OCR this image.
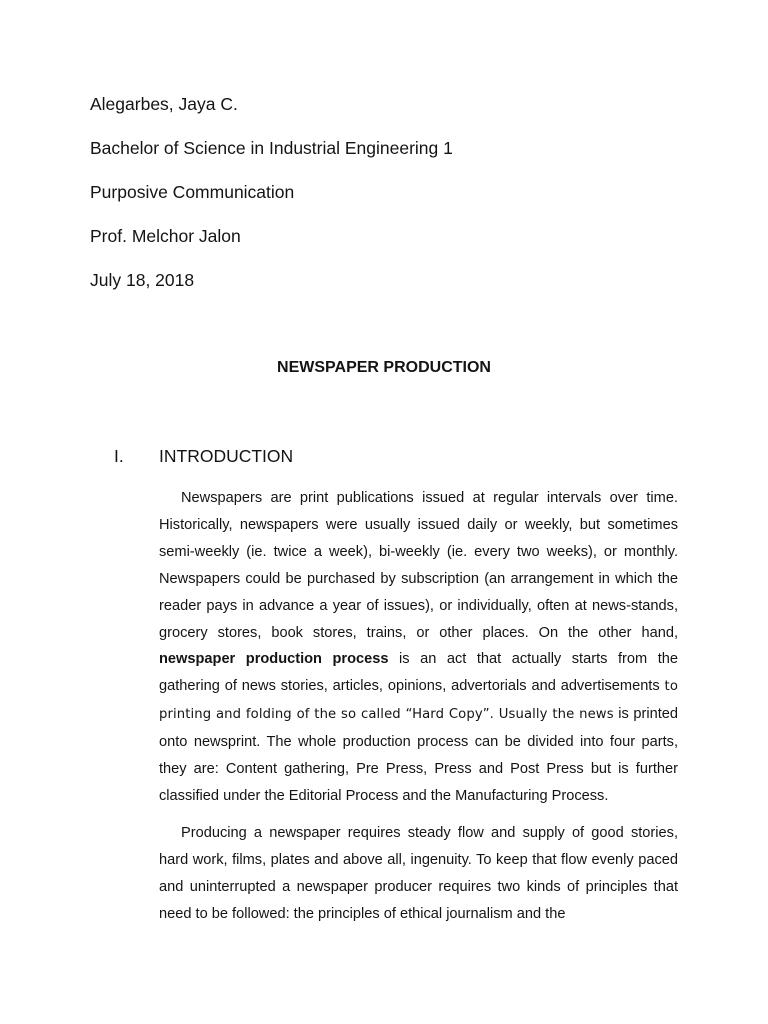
Alegarbes, Jaya C.
Bachelor of Science in Industrial Engineering 1
Purposive Communication
Prof. Melchor Jalon
July 18, 2018
NEWSPAPER PRODUCTION
I. INTRODUCTION

Newspapers are print publications issued at regular intervals over time. Historically, newspapers were usually issued daily or weekly, but sometimes semi-weekly (ie. twice a week), bi-weekly (ie. every two weeks), or monthly. Newspapers could be purchased by subscription (an arrangement in which the reader pays in advance a year of issues), or individually, often at news-stands, grocery stores, book stores, trains, or other places. On the other hand, newspaper production process is an act that actually starts from the gathering of news stories, articles, opinions, advertorials and advertisements to printing and folding of the so called “Hard Copy”. Usually the news is printed onto newsprint. The whole production process can be divided into four parts, they are: Content gathering, Pre Press, Press and Post Press but is further classified under the Editorial Process and the Manufacturing Process.

Producing a newspaper requires steady flow and supply of good stories, hard work, films, plates and above all, ingenuity. To keep that flow evenly paced and uninterrupted a newspaper producer requires two kinds of principles that need to be followed: the principles of ethical journalism and the
